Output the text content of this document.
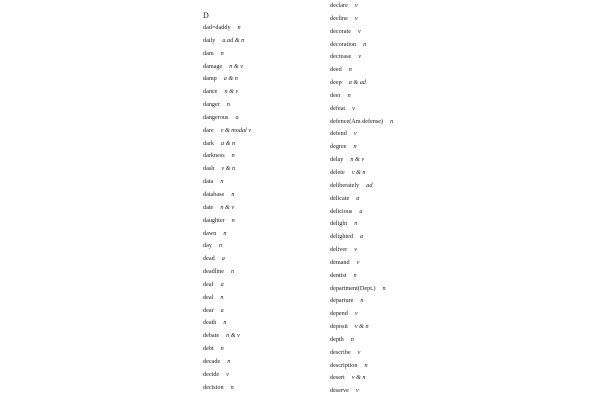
D
dad=daddy n
daily a.ad & n
dam n
damage n & v
damp a & n
dance n & v
danger n
dangerous a
dare v & modal v
dark a & n
darkness n
dash v & n
data n
database n
date n & v
daughter n
dawn n
day n
dead a
deadline n
deaf a
deal n
dear a
death n
debate n & v
debt n
decade n
decide v
decision n
declare v
decline v
decorate v
decoration n
decrease v
deed n
deep a & ad
deer n
defeat v
defence(Am defense) n
defend v
degree n
delay n & v
delete v & n
deliberately ad
delicate a
delicious a
delight n
delighted a
deliver v
demand v
dentist n
department(Dept.) n
departure n
depend v
deposit v & n
depth n
describe v
description n
desert v & n
deserve v
